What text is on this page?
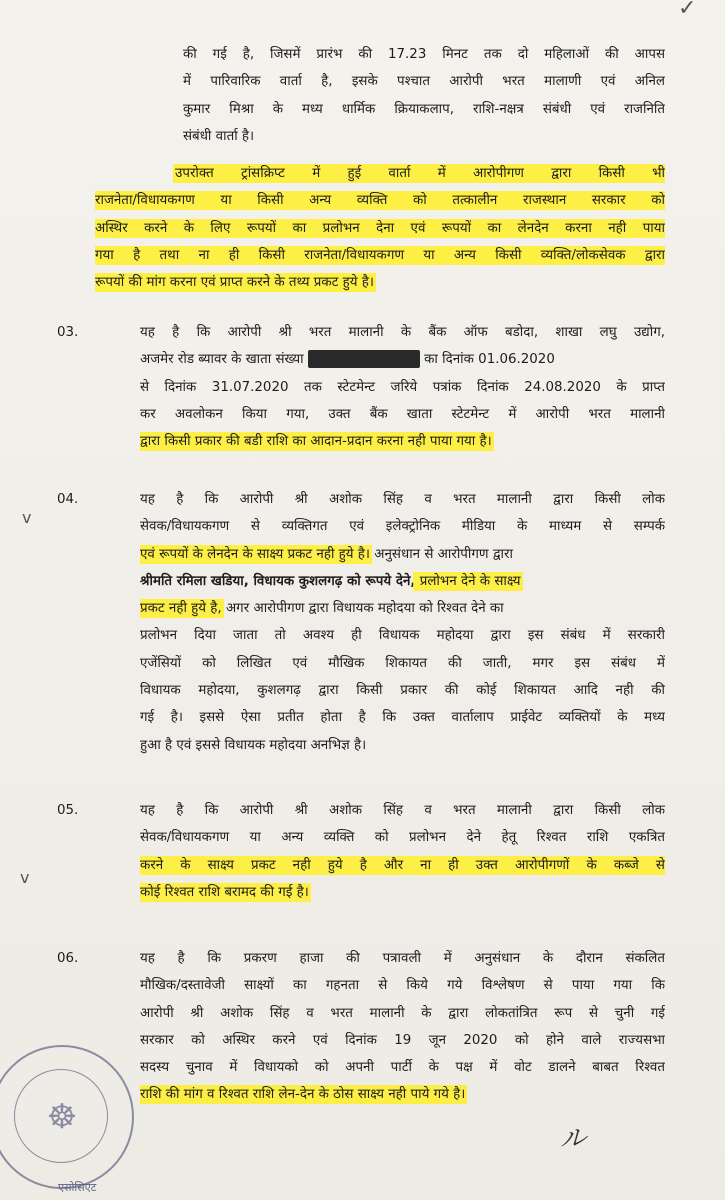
✓
v
v
की गई है, जिसमें प्रारंभ की 17.23 मिनट तक दो महिलाओं की आपस
में पारिवारिक वार्ता है, इसके पश्चात आरोपी भरत मालाणी एवं अनिल
कुमार मिश्रा के मध्य धार्मिक क्रियाकलाप, राशि-नक्षत्र संबंधी एवं राजनिति
संबंधी वार्ता है।
उपरोक्त ट्रांसक्रिप्ट में हुई वार्ता में आरोपीगण द्वारा किसी भी
राजनेता/विधायकगण या किसी अन्य व्यक्ति को तत्कालीन राजस्थान सरकार को
अस्थिर करने के लिए रूपयों का प्रलोभन देना एवं रूपयों का लेनदेन करना नही पाया
गया है तथा ना ही किसी राजनेता/विधायकगण या अन्य किसी व्यक्ति/लोकसेवक द्वारा
रूपयों की मांग करना एवं प्राप्त करने के तथ्य प्रकट हुये है।
03.	यह है कि आरोपी श्री भरत मालानी के बैंक ऑफ बडोदा, शाखा लघु उद्योग,
अजमेर रोड ब्यावर के खाता संख्या	का दिनांक 01.06.2020
से दिनांक 31.07.2020 तक स्टेटमेन्ट जरिये पत्रांक दिनांक 24.08.2020 के प्राप्त
कर अवलोकन किया गया, उक्त बैंक खाता स्टेटमेन्ट में आरोपी भरत मालानी
द्वारा किसी प्रकार की बडी राशि का आदान-प्रदान करना नही पाया गया है।
04.	यह है कि आरोपी श्री अशोक सिंह व भरत मालानी द्वारा किसी लोक
सेवक/विधायकगण से व्यक्तिगत एवं इलेक्ट्रोनिक मीडिया के माध्यम से सम्पर्क
एवं रूपयों के लेनदेन के साक्ष्य प्रकट नही हुये है। अनुसंधान से आरोपीगण द्वारा
श्रीमति रमिला खडिया, विधायक कुशलगढ़ को रूपये देने, प्रलोभन देने के साक्ष्य
प्रकट नही हुये है, अगर आरोपीगण द्वारा विधायक महोदया को रिश्वत देने का
प्रलोभन दिया जाता तो अवश्य ही विधायक महोदया द्वारा इस संबंध में सरकारी
एजेंसियों को लिखित एवं मौखिक शिकायत की जाती, मगर इस संबंध में
विधायक महोदया, कुशलगढ़ द्वारा किसी प्रकार की कोई शिकायत आदि नही की
गई है। इससे ऐसा प्रतीत होता है कि उक्त वार्तालाप प्राईवेट व्यक्तियों के मध्य
हुआ है एवं इससे विधायक महोदया अनभिज्ञ है।
05.	यह है कि आरोपी श्री अशोक सिंह व भरत मालानी द्वारा किसी लोक
सेवक/विधायकगण या अन्य व्यक्ति को प्रलोभन देने हेतू रिश्वत राशि एकत्रित
करने के साक्ष्य प्रकट नही हुये है और ना ही उक्त आरोपीगणों के कब्जे से
कोई रिश्वत राशि बरामद की गई है।
06.	यह है कि प्रकरण हाजा की पत्रावली में अनुसंधान के दौरान संकलित
मौखिक/दस्तावेजी साक्ष्यों का गहनता से किये गये विश्लेषण से पाया गया कि
आरोपी श्री अशोक सिंह व भरत मालानी के द्वारा लोकतांत्रित रूप से चुनी गई
सरकार को अस्थिर करने एवं दिनांक 19 जून 2020 को होने वाले राज्यसभा
सदस्य चुनाव में विधायको को अपनी पार्टी के पक्ष में वोट डालने बाबत रिश्वत
राशि की मांग व रिश्वत राशि लेन-देन के ठोस साक्ष्य नही पाये गये है।
☸
एसोसिएट
ル
